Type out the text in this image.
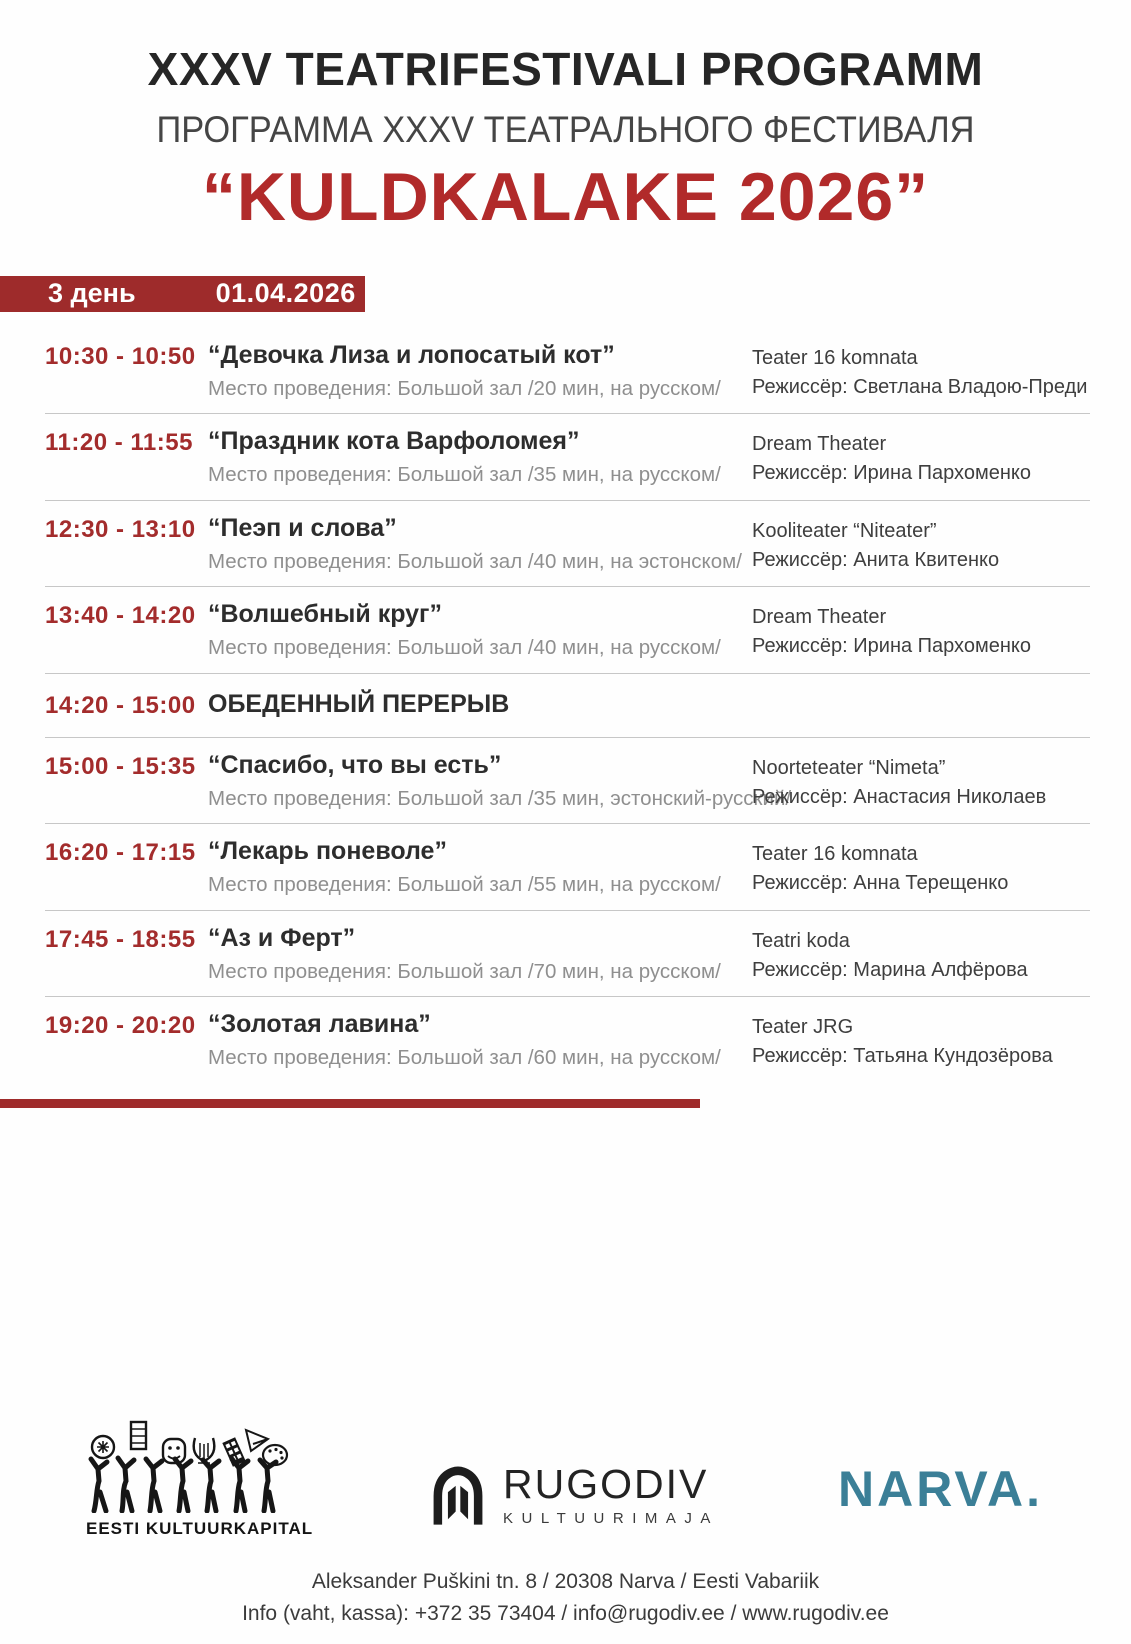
XXXV TEATRIFESTIVALI PROGRAMM
ПРОГРАММА XXXV ТЕАТРАЛЬНОГО ФЕСТИВАЛЯ
“KULDKALAKE 2026”
3 день	01.04.2026
10:30 - 10:50 “Девочка Лиза и лопосатый кот”
Место проведения: Большой зал /20 мин, на русском/
Teater 16 komnata
Режиссёр: Светлана Владою-Преди
11:20 - 11:55 “Праздник кота Варфоломея”
Место проведения: Большой зал /35 мин, на русском/
Dream Theater
Режиссёр: Ирина Пархоменко
12:30 - 13:10 “Пеэп и слова”
Место проведения: Большой зал /40 мин, на эстонском/
Kooliteater “Niteater”
Режиссёр: Анита Квитенко
13:40 - 14:20 “Волшебный круг”
Место проведения: Большой зал /40 мин, на русском/
Dream Theater
Режиссёр: Ирина Пархоменко
14:20 - 15:00 ОБЕДЕННЫЙ ПЕРЕРЫВ
15:00 - 15:35 “Спасибо, что вы есть”
Место проведения: Большой зал /35 мин, эстонский-русский/
Noorteteater “Nimeta”
Режиссёр: Анастасия Николаев
16:20 - 17:15 “Лекарь поневоле”
Место проведения: Большой зал /55 мин, на русском/
Teater 16 komnata
Режиссёр: Анна Терещенко
17:45 - 18:55 “Аз и Ферт”
Место проведения: Большой зал /70 мин, на русском/
Teatri koda
Режиссёр: Марина Алфёрова
19:20 - 20:20 “Золотая лавина”
Место проведения: Большой зал /60 мин, на русском/
Teater JRG
Режиссёр: Татьяна Кундозёрова
EESTI KULTUURKAPITAL
RUGODIV
KULTUURIMAJA
NARVA.
Aleksander Puškini tn. 8 / 20308 Narva / Eesti Vabariik
Info (vaht, kassa): +372 35 73404 / info@rugodiv.ee / www.rugodiv.ee
